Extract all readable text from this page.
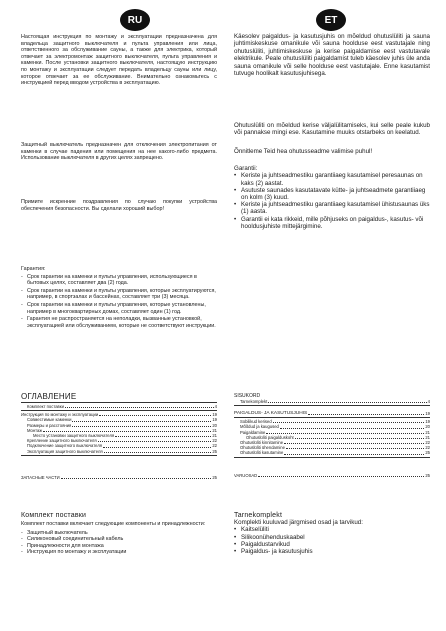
RU

Настоящая инструкция по монтажу и эксплуатации предназначена для владельца защитного выключателя и пульта управления или лица, ответственного за обслуживание сауны, а также для электрика, который отвечает за электромонтаж защитного выключателя, пульта управления и каменки. После установки защитного выключателя, настоящую инструкцию по монтажу и эксплуатации следует передать владельцу сауны или лицу, которое отвечает за ее обслуживание. Внимательно ознакомьтесь с инструкцией перед вводом устройства в эксплуатацию.

Защитный выключатель предназначен для отключения электропитания от каменки в случае падения или помещения на нее какого-либо предмета. Использование выключателя в других целях запрещено.

Примите искренние поздравления по случаю покупки устройства обеспечения безопасности. Вы сделали хороший выбор!

Гарантия:

- Срок гарантии на каменки и пульты управления, использующиеся в бытовых целях, составляет два (2) года.
- Срок гарантии на каменки и пульты управления, которые эксплуатируются, например, в спортзалах и бассейнах, составляет три (3) месяца.
- Срок гарантии на каменки и пульты управления, которые установлены, например в многоквартирных домах, составляет один (1) год.
- Гарантия не распространяется на неполадки, вызванные установкой, эксплуатацией или обслуживанием, которые не соответствуют инструкции.
ОГЛАВЛЕНИЕ
Комплект поставки	4
Инструкция по монтажу и эксплуатации	19
Совместимые каменки	19
Размеры и расстояния	20
Монтаж	21
Место установки защитного выключателя	21
Крепление защитного выключателя	22
Подключение защитного выключателя	22
Эксплуатация защитного выключателя	25
ЗАПАСНЫЕ ЧАСТИ	25
Комплект поставки

Комплект поставки включает следующие компоненты и принадлежности:

- Защитный выключатель
- Силиконовый соединительный кабель
- Принадлежности для монтажа
- Инструкция по монтажу и эксплуатации
ET

Käesolev paigaldus- ja kasutusjuhis on mõeldud ohutuslüliti ja sauna juhtimiskeskuse omanikule või sauna hoolduse eest vastutajale ning ohutuslüliti, juhtimiskeskuse ja kerise paigaldamise eest vastutavale elektrikule. Pealе ohutuslüliti paigaldamist tuleb käesolev juhis üle anda sauna omanikule või selle hoolduse eest vastutajale. Enne kasutamist tutvuge hoolikalt kasutusjuhisega.

Ohutuslüliti on mõeldud kerise väljalülitamiseks, kui selle peale kukub või pannakse mingi ese. Kasutamine muuks otstarbeks on keelatud.

Õnnitleme Teid hea ohutusseadme valimise puhul!

Garantii:

• Keriste ja juhtseadmestiku garantiiaeg kasutamisel peresaunas on kaks (2) aastat.
• Asutuste saunades kasutatavate kütte- ja juhtseadmete garantiiaeg on kolm (3) kuud.
• Keriste ja juhtseadmestiku garantiiaeg kasutamisel ühistusaunas üks (1) aasta.
• Garantii ei kata rikkeid, mille põhjuseks on paigaldus-, kasutus- või hooldusjuhiste mittejärgimine.
SISUKORD
Tarnekomplekt	4
PAIGALDUS- JA KASUTUSJUHIS	19
Sobilikud kerised	19
Mõõdud ja kaugused	20
Paigaldamine	21
Ohutuslüliti paigalduskoht	21
Ohutuslüliti kinnitamine	22
Ohutuslüliti ühendamine	22
Ohutuslüliti kasutamine	25
VARUOSAD	25
Tarnekomplekt

Komplekti kuuluvad järgmised osad ja tarvikud:

• Kaitselüliti
• Silikoonühenduskaabel
• Paigaldustarvikud
• Paigaldus- ja kasutusjuhis
